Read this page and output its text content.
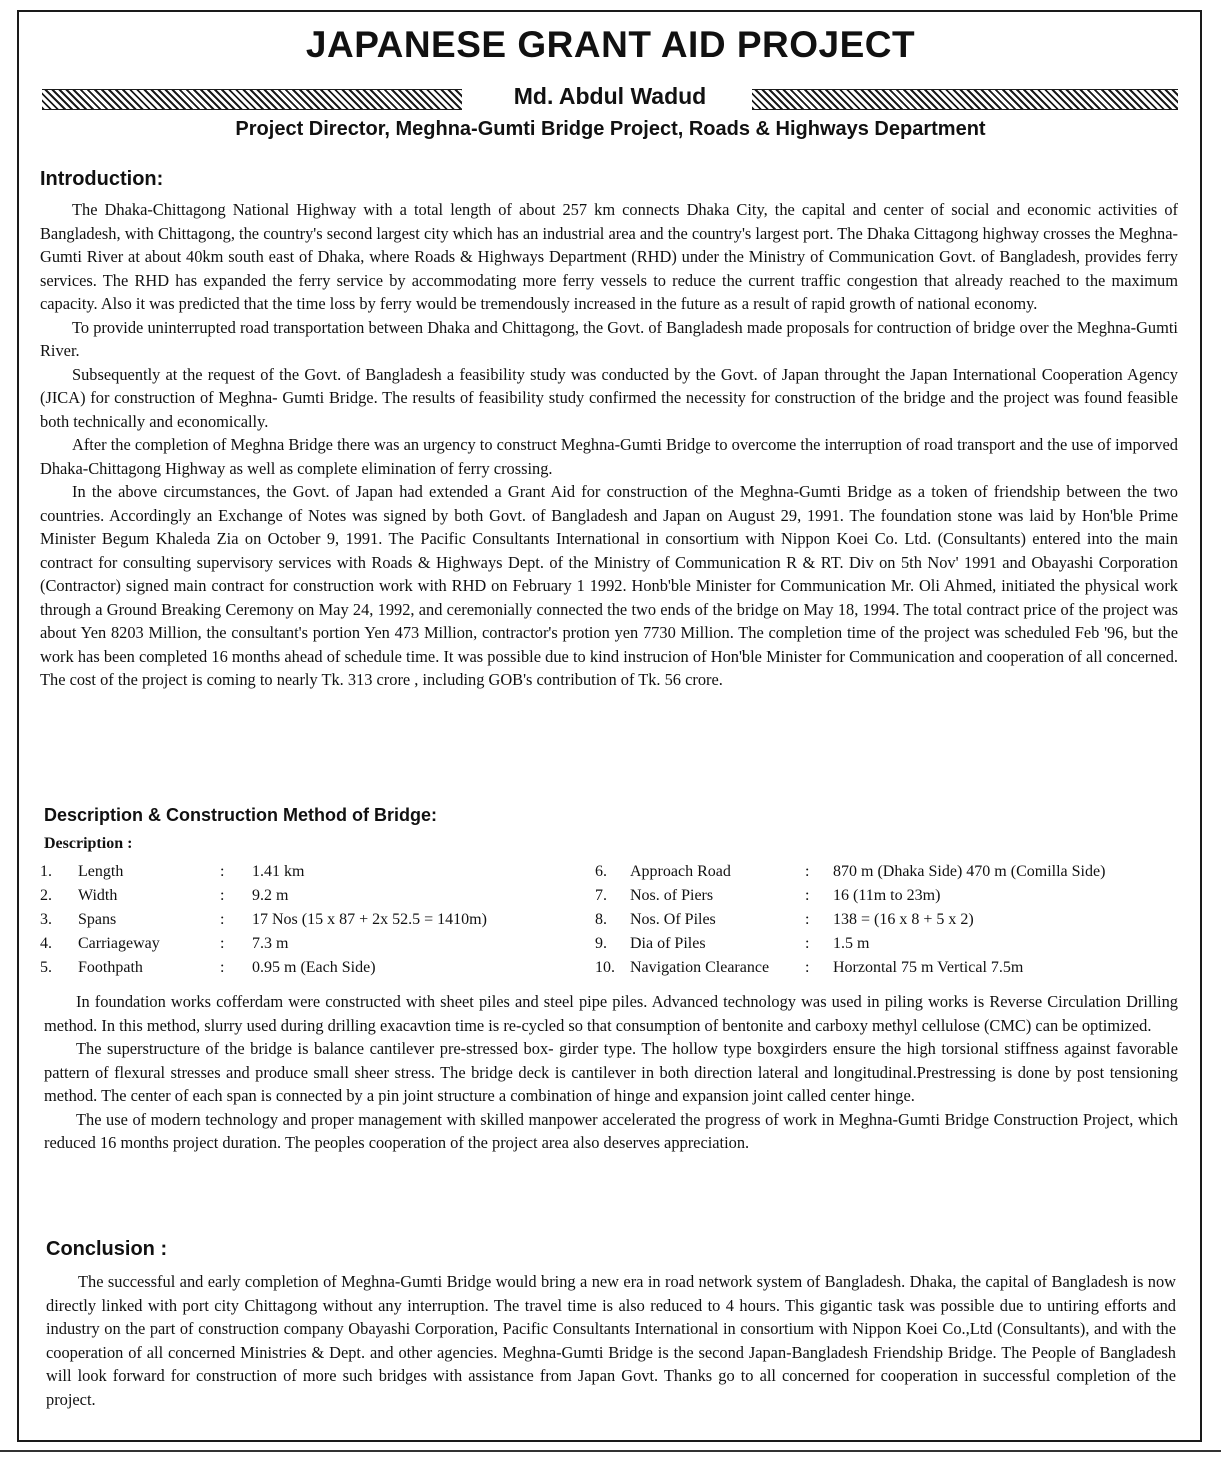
JAPANESE GRANT AID PROJECT
Md. Abdul Wadud
Project Director, Meghna-Gumti Bridge Project, Roads & Highways Department
Introduction:

The Dhaka-Chittagong National Highway with a total length of about 257 km connects Dhaka City, the capital and center of social and economic activities of Bangladesh, with Chittagong, the country's second largest city which has an industrial area and the country's largest port. The Dhaka Cittagong highway crosses the Meghna-Gumti River at about 40km south east of Dhaka, where Roads & Highways Department (RHD) under the Ministry of Communication Govt. of Bangladesh, provides ferry services. The RHD has expanded the ferry service by accommodating more ferry vessels to reduce the current traffic congestion that already reached to the maximum capacity. Also it was predicted that the time loss by ferry would be tremendously increased in the future as a result of rapid growth of national economy.

To provide uninterrupted road transportation between Dhaka and Chittagong, the Govt. of Bangladesh made proposals for contruction of bridge over the Meghna-Gumti River.

Subsequently at the request of the Govt. of Bangladesh a feasibility study was conducted by the Govt. of Japan throught the Japan International Cooperation Agency (JICA) for construction of Meghna- Gumti Bridge. The results of feasibility study confirmed the necessity for construction of the bridge and the project was found feasible both technically and economically.

After the completion of Meghna Bridge there was an urgency to construct Meghna-Gumti Bridge to overcome the interruption of road transport and the use of imporved Dhaka-Chittagong Highway as well as complete elimination of ferry crossing.

In the above circumstances, the Govt. of Japan had extended a Grant Aid for construction of the Meghna-Gumti Bridge as a token of friendship between the two countries. Accordingly an Exchange of Notes was signed by both Govt. of Bangladesh and Japan on August 29, 1991. The foundation stone was laid by Hon'ble Prime Minister Begum Khaleda Zia on October 9, 1991. The Pacific Consultants International in consortium with Nippon Koei Co. Ltd. (Consultants) entered into the main contract for consulting supervisory services with Roads & Highways Dept. of the Ministry of Communication R & RT. Div on 5th Nov' 1991 and Obayashi Corporation (Contractor) signed main contract for construction work with RHD on February 1 1992. Honb'ble Minister for Communication Mr. Oli Ahmed, initiated the physical work through a Ground Breaking Ceremony on May 24, 1992, and ceremonially connected the two ends of the bridge on May 18, 1994. The total contract price of the project was about Yen 8203 Million, the consultant's portion Yen 473 Million, contractor's protion yen 7730 Million. The completion time of the project was scheduled Feb '96, but the work has been completed 16 months ahead of schedule time. It was possible due to kind instrucion of Hon'ble Minister for Communication and cooperation of all concerned. The cost of the project is coming to nearly Tk. 313 crore , including GOB's contribution of Tk. 56 crore.

Description & Construction Method of Bridge:
Description :
1. Length	: 1.41 km
2. Width	: 9.2 m
3. Spans	: 17 Nos (15 x 87 + 2x 52.5 = 1410m)
4. Carriageway	: 7.3 m
5. Foothpath	: 0.95 m (Each Side)
6. Approach Road	: 870 m (Dhaka Side) 470 m (Comilla Side)
7. Nos. of Piers	: 16 (11m to 23m)
8. Nos. Of Piles	: 138 = (16 x 8 + 5 x 2)
9. Dia of Piles	: 1.5 m
10. Navigation Clearance : Horzontal 75 m Vertical 7.5m

In foundation works cofferdam were constructed with sheet piles and steel pipe piles. Advanced technology was used in piling works is Reverse Circulation Drilling method. In this method, slurry used during drilling exacavtion time is re-cycled so that consumption of bentonite and carboxy methyl cellulose (CMC) can be optimized.

The superstructure of the bridge is balance cantilever pre-stressed box- girder type. The hollow type boxgirders ensure the high torsional stiffness against favorable pattern of flexural stresses and produce small sheer stress. The bridge deck is cantilever in both direction lateral and longitudinal.Prestressing is done by post tensioning method. The center of each span is connected by a pin joint structure a combination of hinge and expansion joint called center hinge.

The use of modern technology and proper management with skilled manpower accelerated the progress of work in Meghna-Gumti Bridge Construction Project, which reduced 16 months project duration. The peoples cooperation of the project area also deserves appreciation.

Conclusion :

The successful and early completion of Meghna-Gumti Bridge would bring a new era in road network system of Bangladesh. Dhaka, the capital of Bangladesh is now directly linked with port city Chittagong without any interruption. The travel time is also reduced to 4 hours. This gigantic task was possible due to untiring efforts and industry on the part of construction company Obayashi Corporation, Pacific Consultants International in consortium with Nippon Koei Co.,Ltd (Consultants), and with the cooperation of all concerned Ministries & Dept. and other agencies. Meghna-Gumti Bridge is the second Japan-Bangladesh Friendship Bridge. The People of Bangladesh will look forward for construction of more such bridges with assistance from Japan Govt. Thanks go to all concerned for cooperation in successful completion of the project.
